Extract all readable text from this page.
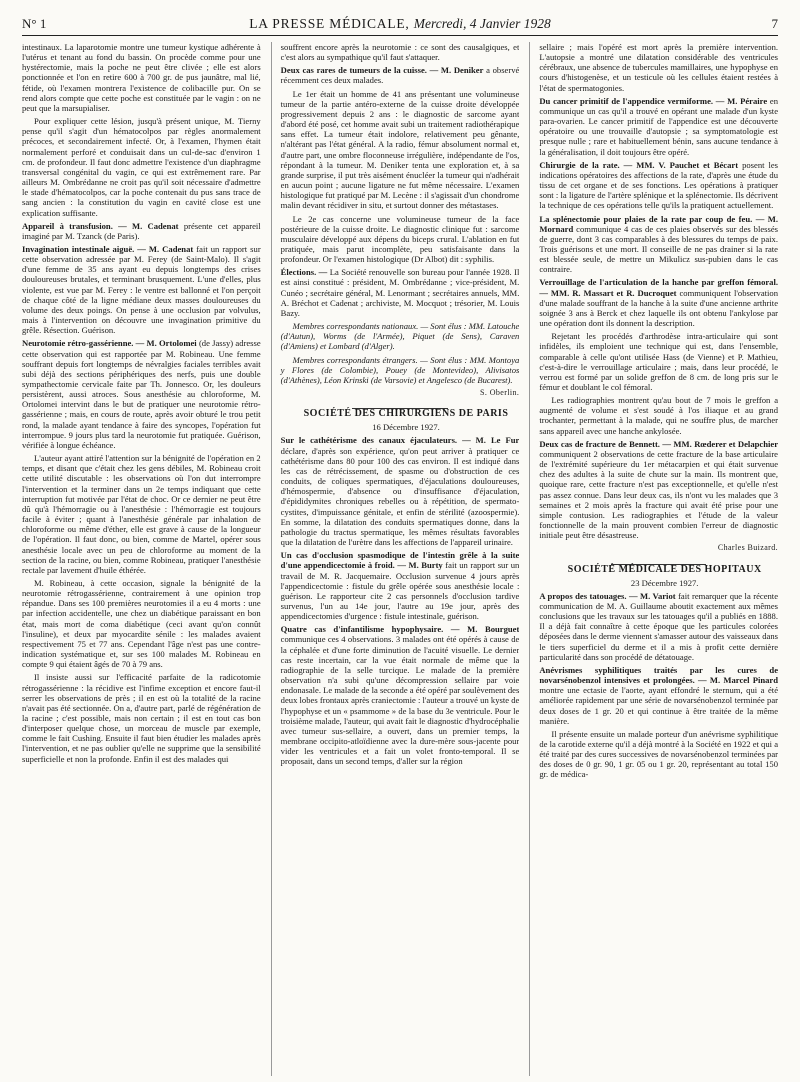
N° 1	LA PRESSE MÉDICALE, Mercredi, 4 Janvier 1928	7

intestinaux. La laparotomie montre une tumeur kystique adhérente à l'utérus et tenant au fond du bassin. On procède comme pour une hystérectomie, mais la poche ne peut être clivée ; elle est alors ponctionnée et l'on en retire 600 à 700 gr. de pus jaunâtre, mal lié, fétide, où l'examen montrera l'existence de colibacille pur. On se rend alors compte que cette poche est constituée par le vagin : on ne peut que la marsupialiser.

Pour expliquer cette lésion, jusqu'à présent unique, M. Tierny pense qu'il s'agit d'un hématocolpos par règles anormalement précoces, et secondairement infecté. Or, à l'examen, l'hymen était normalement perforé et conduisait dans un cul-de-sac d'environ 1 cm. de profondeur. Il faut donc admettre l'existence d'un diaphragme transversal congénital du vagin, ce qui est extrêmement rare. Par ailleurs M. Ombrédanne ne croit pas qu'il soit nécessaire d'admettre le stade d'hématocolpos, car la poche contenait du pus sans trace de sang ancien : la constitution du vagin en cavité close est une explication suffisante.

Appareil à transfusion. — M. Cadenat présente cet appareil imaginé par M. Tzanck (de Paris).

Invagination intestinale aiguë. — M. Cadenat fait un rapport sur cette observation adressée par M. Ferey (de Saint-Malo). Il s'agit d'une femme de 35 ans ayant eu depuis longtemps des crises douloureuses brutales, et terminant brusquement. L'une d'elles, plus violente, est vue par M. Ferey : le ventre est ballonné et l'on perçoit de chaque côté de la ligne médiane deux masses douloureuses du volume des deux poings. On pense à une occlusion par volvulus, mais à l'intervention on découvre une invagination primitive du grêle. Résection. Guérison.

Neurotomie rétro-gassérienne. — M. Ortolomei (de Jassy) adresse cette observation qui est rapportée par M. Robineau. Une femme souffrant depuis fort longtemps de névralgies faciales terribles avait subi déjà des sections périphériques des nerfs, puis une double sympathectomie cervicale faite par Th. Jonnesco. Or, les douleurs persistèrent, aussi atroces. Sous anesthésie au chloroforme, M. Ortolomei intervint dans le but de pratiquer une neurotomie rétro-gassérienne ; mais, en cours de route, après avoir obturé le trou petit rond, la malade ayant tendance à faire des syncopes, l'opération fut interrompue. 9 jours plus tard la neurotomie fut pratiquée. Guérison, vérifiée à longue échéance.

L'auteur ayant attiré l'attention sur la bénignité de l'opération en 2 temps, et disant que c'était chez les gens débiles, M. Robineau croit cette utilité discutable : les observations où l'on dut interrompre l'intervention et la terminer dans un 2e temps indiquant que cette interruption fut motivée par l'état de choc. Or ce dernier ne peut être dû qu'à l'hémorragie ou à l'anesthésie : l'hémorragie est toujours facile à éviter ; quant à l'anesthésie générale par inhalation de chloroforme ou même d'éther, elle est grave à cause de la longueur de l'opération. Il faut donc, ou bien, comme de Martel, opérer sous anesthésie locale avec un peu de chloroforme au moment de la section de la racine, ou bien, comme Robineau, pratiquer l'anesthésie rectale par lavement d'huile éthérée.

M. Robineau, à cette occasion, signale la bénignité de la neurotomie rétrogassérienne, contrairement à une opinion trop répandue. Dans ses 100 premières neurotomies il a eu 4 morts : une par infection accidentelle, une chez un diabétique paraissant en bon état, mais mort de coma diabétique (ceci avant qu'on connût l'insuline), et deux par myocardite sénile : les malades avaient respectivement 75 et 77 ans. Cependant l'âge n'est pas une contre-indication systématique et, sur ses 100 malades M. Robineau en compte 9 qui étaient âgés de 70 à 79 ans.

Il insiste aussi sur l'efficacité parfaite de la radicotomie rétrogassérienne : la récidive est l'infime exception et encore faut-il serrer les observations de près ; il en est où la totalité de la racine n'avait pas été sectionnée. On a, d'autre part, parlé de régénération de la racine ; c'est possible, mais non certain ; il est en tout cas bon d'interposer quelque chose, un morceau de muscle par exemple, comme le fait Cushing. Ensuite il faut bien étudier les malades après l'intervention, et ne pas oublier qu'elle ne supprime que la sensibilité superficielle et non la profonde. Enfin il est des malades qui

souffrent encore après la neurotomie : ce sont des causalgiques, et c'est alors au sympathique qu'il faut s'attaquer.

Deux cas rares de tumeurs de la cuisse. — M. Deniker a observé récemment ces deux malades.

Le 1er était un homme de 41 ans présentant une volumineuse tumeur de la partie antéro-externe de la cuisse droite développée progressivement depuis 2 ans : le diagnostic de sarcome ayant d'abord été posé, cet homme avait subi un traitement radiothérapique sans effet. La tumeur était indolore, relativement peu gênante, n'altérant pas l'état général. A la radio, fémur absolument normal et, d'autre part, une ombre floconneuse irrégulière, indépendante de l'os, répondant à la tumeur. M. Deniker tenta une exploration et, à sa grande surprise, il put très aisément énucléer la tumeur qui n'adhérait en aucun point ; aucune ligature ne fut même nécessaire. L'examen histologique fut pratiqué par M. Lecène : il s'agissait d'un chondrome malin devant récidiver in situ, et surtout donner des métastases.

Le 2e cas concerne une volumineuse tumeur de la face postérieure de la cuisse droite. Le diagnostic clinique fut : sarcome musculaire développé aux dépens du biceps crural. L'ablation en fut pratiquée, mais parut incomplète, peu satisfaisante dans la profondeur. Or l'examen histologique (Dr Albot) dit : syphilis.

Élections. — La Société renouvelle son bureau pour l'année 1928. Il est ainsi constitué : président, M. Ombrédanne ; vice-président, M. Cunéo ; secrétaire général, M. Lenormant ; secrétaires annuels, MM. A. Bréchot et Cadenat ; archiviste, M. Mocquot ; trésorier, M. Louis Bazy.

Membres correspondants nationaux. — Sont élus : MM. Latouche (d'Autun), Worms (de l'Armée), Piquet (de Sens), Caraven (d'Amiens) et Lombard (d'Alger).

Membres correspondants étrangers. — Sont élus : MM. Montoya y Flores (de Colombie), Pouey (de Montevideo), Alivisatos (d'Athènes), Léon Krinski (de Varsovie) et Angelesco (de Bucarest).

S. Oberlin.

SOCIÉTÉ DES CHIRURGIENS DE PARIS

16 Décembre 1927.

Sur le cathétérisme des canaux éjaculateurs. — M. Le Fur déclare, d'après son expérience, qu'on peut arriver à pratiquer ce cathétérisme dans 80 pour 100 des cas environ. Il est indiqué dans les cas de rétrécissement, de spasme ou d'obstruction de ces conduits, de coliques spermatiques, d'éjaculations douloureuses, d'hémospermie, d'absence ou d'insuffisance d'éjaculation, d'épididymites chroniques rebelles ou à répétition, de spermato-cystites, d'impuissance génitale, et enfin de stérilité (azoospermie). En somme, la dilatation des conduits spermatiques donne, dans la pathologie du tractus spermatique, les mêmes résultats favorables que la dilatation de l'urètre dans les affections de l'appareil urinaire.

Un cas d'occlusion spasmodique de l'intestin grêle à la suite d'une appendicectomie à froid. — M. Burty fait un rapport sur un travail de M. R. Jacquemaire. Occlusion survenue 4 jours après l'appendicectomie : fistule du grêle opérée sous anesthésie locale : guérison. Le rapporteur cite 2 cas personnels d'occlusion tardive survenus, l'un au 14e jour, l'autre au 19e jour, après des appendicectomies d'urgence : fistule intestinale, guérison.

Quatre cas d'infantilisme hypophysaire. — M. Bourguet communique ces 4 observations. 3 malades ont été opérés à cause de la céphalée et d'une forte diminution de l'acuité visuelle. Le dernier cas reste incertain, car la vue était normale de même que la radiographie de la selle turcique. Le malade de la première observation n'a subi qu'une décompression sellaire par voie endonasale. Le malade de la seconde a été opéré par soulèvement des deux lobes frontaux après craniectomie : l'auteur a trouvé un kyste de l'hypophyse et un « psammome » de la base du 3e ventricule. Pour le troisième malade, l'auteur, qui avait fait le diagnostic d'hydrocéphalie avec tumeur sus-sellaire, a ouvert, dans un premier temps, la membrane occipito-atloïdienne avec la dure-mère sous-jacente pour vider les ventricules et a fait un volet fronto-temporal. Il se proposait, dans un second temps, d'aller sur la région

sellaire ; mais l'opéré est mort après la première intervention. L'autopsie a montré une dilatation considérable des ventricules cérébraux, une absence de tubercules mamillaires, une hypophyse en cours d'histogenèse, et un testicule où les cellules étaient restées à l'état de spermatogonies.

Du cancer primitif de l'appendice vermiforme. — M. Péraire en communique un cas qu'il a trouvé en opérant une malade d'un kyste para-ovarien. Le cancer primitif de l'appendice est une découverte opératoire ou une trouvaille d'autopsie ; sa symptomatologie est presque nulle ; rare et habituellement bénin, sans aucune tendance à la généralisation, il doit toujours être opéré.

Chirurgie de la rate. — MM. V. Pauchet et Bécart posent les indications opératoires des affections de la rate, d'après une étude du tissu de cet organe et de ses fonctions. Les opérations à pratiquer sont : la ligature de l'artère splénique et la splénectomie. Ils décrivent la technique de ces opérations telle qu'ils la pratiquent actuellement.

La splénectomie pour plaies de la rate par coup de feu. — M. Mornard communique 4 cas de ces plaies observés sur des blessés de guerre, dont 3 cas comparables à des blessures du temps de paix. Trois guérisons et une mort. Il conseille de ne pas drainer si la rate est blessée seule, de mettre un Mikulicz sus-pubien dans le cas contraire.

Verrouillage de l'articulation de la hanche par greffon fémoral. — MM. R. Massart et R. Ducroquet communiquent l'observation d'une malade souffrant de la hanche à la suite d'une ancienne arthrite soignée 3 ans à Berck et chez laquelle ils ont obtenu l'ankylose par une opération dont ils donnent la description.

Rejetant les procédés d'arthrodèse intra-articulaire qui sont infidèles, ils emploient une technique qui est, dans l'ensemble, comparable à celle qu'ont utilisée Hass (de Vienne) et P. Mathieu, c'est-à-dire le verrouillage articulaire ; mais, dans leur procédé, le verrou est formé par un solide greffon de 8 cm. de long pris sur le fémur et doublant le col fémoral.

Les radiographies montrent qu'au bout de 7 mois le greffon a augmenté de volume et s'est soudé à l'os iliaque et au grand trochanter, permettant à la malade, qui ne souffre plus, de marcher sans appareil avec une hanche ankylosée.

Deux cas de fracture de Bennett. — MM. Rœderer et Delapchier communiquent 2 observations de cette fracture de la base articulaire de l'extrémité supérieure du 1er métacarpien et qui était survenue chez des adultes à la suite de chute sur la main. Ils montrent que, quoique rare, cette fracture n'est pas exceptionnelle, et qu'elle n'est pas assez connue. Dans leur deux cas, ils n'ont vu les malades que 3 semaines et 2 mois après la fracture qui avait été prise pour une simple contusion. Les radiographies et l'étude de la valeur fonctionnelle de la main prouvent combien l'erreur de diagnostic initiale peut être désastreuse.

Charles Buizard.

SOCIÉTÉ MÉDICALE DES HOPITAUX

23 Décembre 1927.

A propos des tatouages. — M. Variot fait remarquer que la récente communication de M. A. Guillaume aboutit exactement aux mêmes conclusions que les travaux sur les tatouages qu'il a publiés en 1888. Il a déjà fait connaître à cette époque que les particules colorées déposées dans le derme viennent s'amasser autour des vaisseaux dans le tiers superficiel du derme et il a mis à profit cette dernière particularité dans son procédé de détatouage.

Anévrismes syphilitiques traités par les cures de novarsénobenzol intensives et prolongées. — M. Marcel Pinard montre une ectasie de l'aorte, ayant effondré le sternum, qui a été améliorée rapidement par une série de novarsénobenzol terminée par deux doses de 1 gr. 20 et qui continue à être traitée de la même manière.

Il présente ensuite un malade porteur d'un anévrisme syphilitique de la carotide externe qu'il a déjà montré à la Société en 1922 et qui a été traité par des cures successives de novarsénobenzol terminées par des doses de 0 gr. 90, 1 gr. 05 ou 1 gr. 20, représentant au total 150 gr. de médica-
